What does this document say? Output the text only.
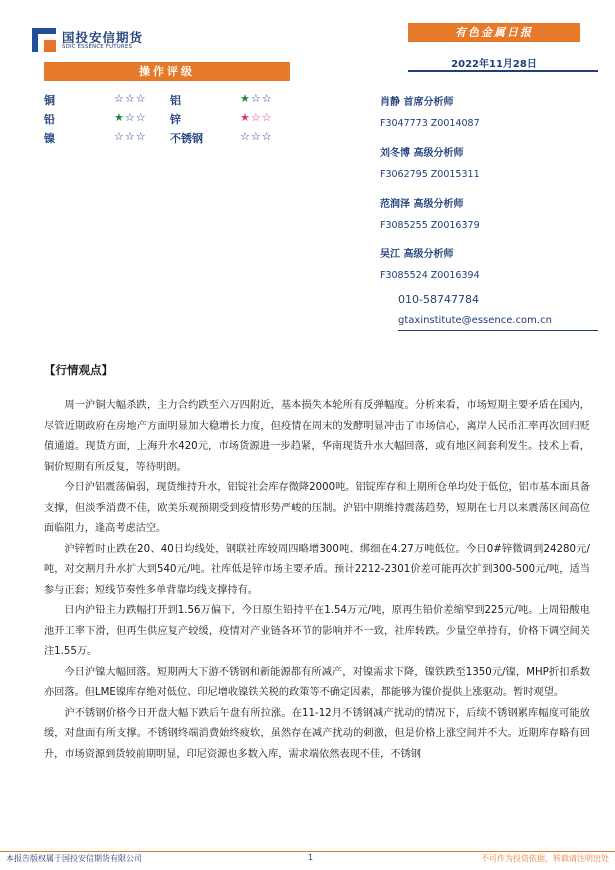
国投安信期货
SDIC ESSENCE FUTURES
有色金属日报
2022年11月28日
操作评级
铜	☆☆☆ 铝	★☆☆
铅	★☆☆ 锌	★☆☆
镍	☆☆☆ 不锈钢	☆☆☆
肖静 首席分析师
F3047773 Z0014087
刘冬博 高级分析师
F3062795 Z0015311
范润泽 高级分析师
F3085255 Z0016379
吴江 高级分析师
F3085524 Z0016394
010-58747784
gtaxinstitute@essence.com.cn
【行情观点】

周一沪铜大幅杀跌，主力合约跌至六万四附近，基本损失本轮所有反弹幅度。分析来看，市场短期主要矛盾在国内，尽管近期政府在房地产方面明显加大稳增长力度，但疫情在周末的发酵明显冲击了市场信心，离岸人民币汇率再次回归贬值通道。现货方面，上海升水420元，市场货源进一步趋紧，华南现货升水大幅回落，或有地区间套利发生。技术上看，铜价短期有所反复，等待明朗。

今日沪铝震荡偏弱，现货维持升水，铝锭社会库存微降2000吨。铝锭库存和上期所仓单均处于低位，铝市基本面具备支撑，但淡季消费不佳，欧美乐观预期受到疫情形势严峻的压制。沪铝中期维持震荡趋势，短期在七月以来震荡区间高位面临阻力，逢高考虑沽空。

沪锌暂时止跌在20、40日均线处，钢联社库较周四略增300吨、绑细在4.27万吨低位。今日0#锌微调到24280元/吨，对交割月升水扩大到540元/吨。社库低是锌市场主要矛盾。预计2212-2301价差可能再次扩到300-500元/吨，适当参与正套；短线节奏性多单背靠均线支撑持有。

日内沪铅主力跌幅打开到1.56万偏下，今日原生铅持平在1.54万元/吨，原再生铅价差缩窄到225元/吨。上周铅酸电池开工率下滑，但再生供应复产较缓，疫情对产业链各环节的影响并不一致，社库转跌。少量空单持有，价格下调空间关注1.55万。

今日沪镍大幅回落。短期两大下游不锈钢和新能源都有所减产，对镍需求下降，镍铁跌至1350元/镍，MHP折扣系数亦回落。但LME镍库存绝对低位、印尼增收镍铁关税的政策等不确定因素，都能够为镍价提供上涨驱动。暂时观望。

沪不锈钢价格今日开盘大幅下跌后午盘有所拉涨。在11-12月不锈钢减产扰动的情况下，后续不锈钢累库幅度可能放缓，对盘面有所支撑。不锈钢终端消费始终疲软，虽然存在减产扰动的刺激，但是价格上涨空间并不大。近期库存略有回升，市场资源到货较前期明显，印尼资源也多数入库，需求端依然表现不佳，不锈钢

本报告版权属于国投安信期货有限公司	1	不可作为投资依据，转载请注明出处
